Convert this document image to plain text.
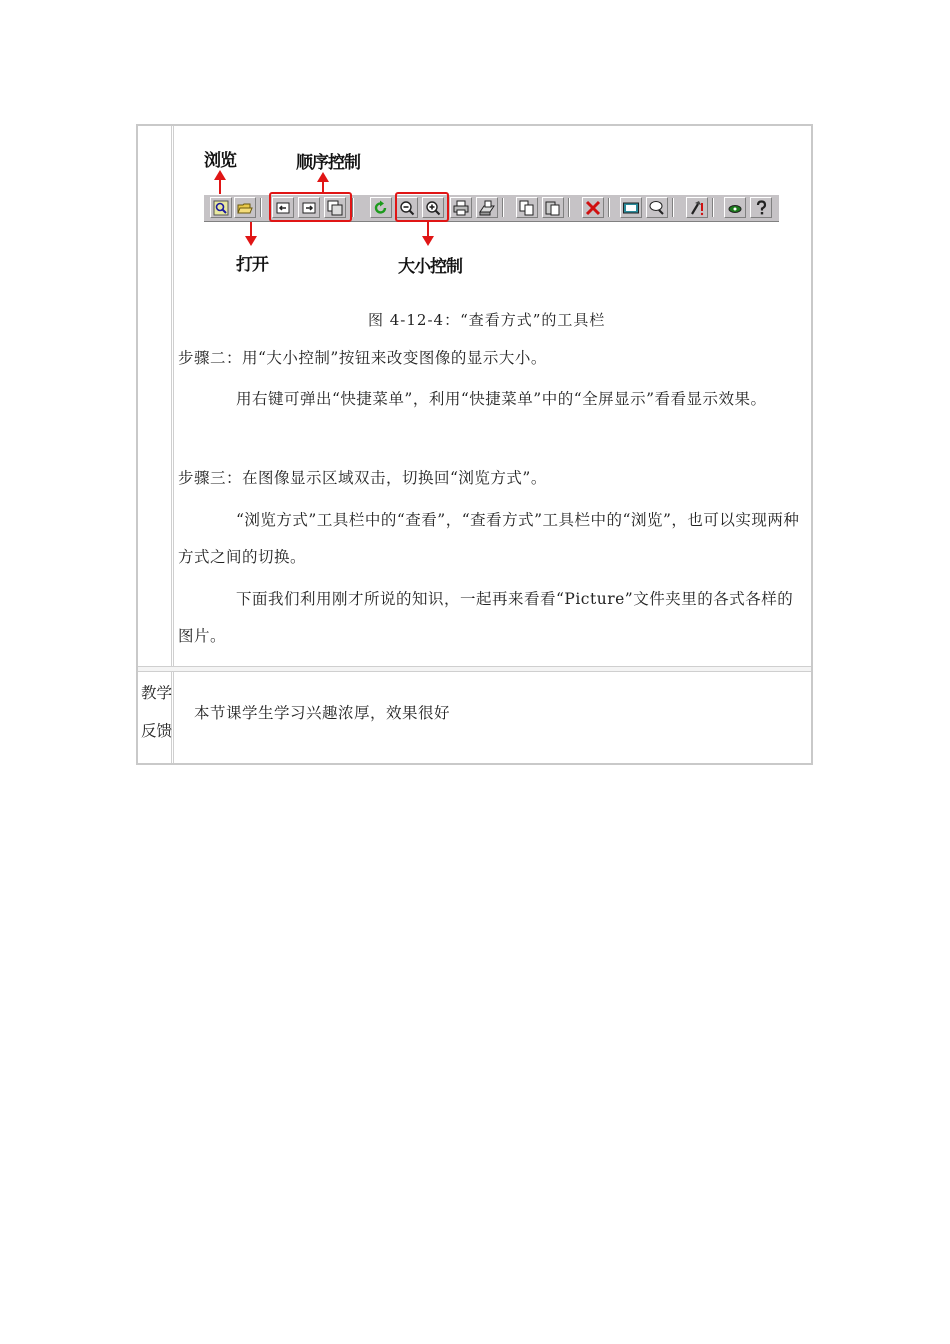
浏览	顺序控制
打开	大小控制
图 4-12-4：“查看方式”的工具栏
步骤二：用“大小控制”按钮来改变图像的显示大小。
用右键可弹出“快捷菜单”，利用“快捷菜单”中的“全屏显示”看看显示效果。
步骤三：在图像显示区域双击，切换回“浏览方式”。
“浏览方式”工具栏中的“查看”，“查看方式”工具栏中的“浏览”，也可以实现两种方式之间的切换。
下面我们利用刚才所说的知识，一起再来看看“Picture”文件夹里的各式各样的图片。
教学
反馈
本节课学生学习兴趣浓厚，效果很好
